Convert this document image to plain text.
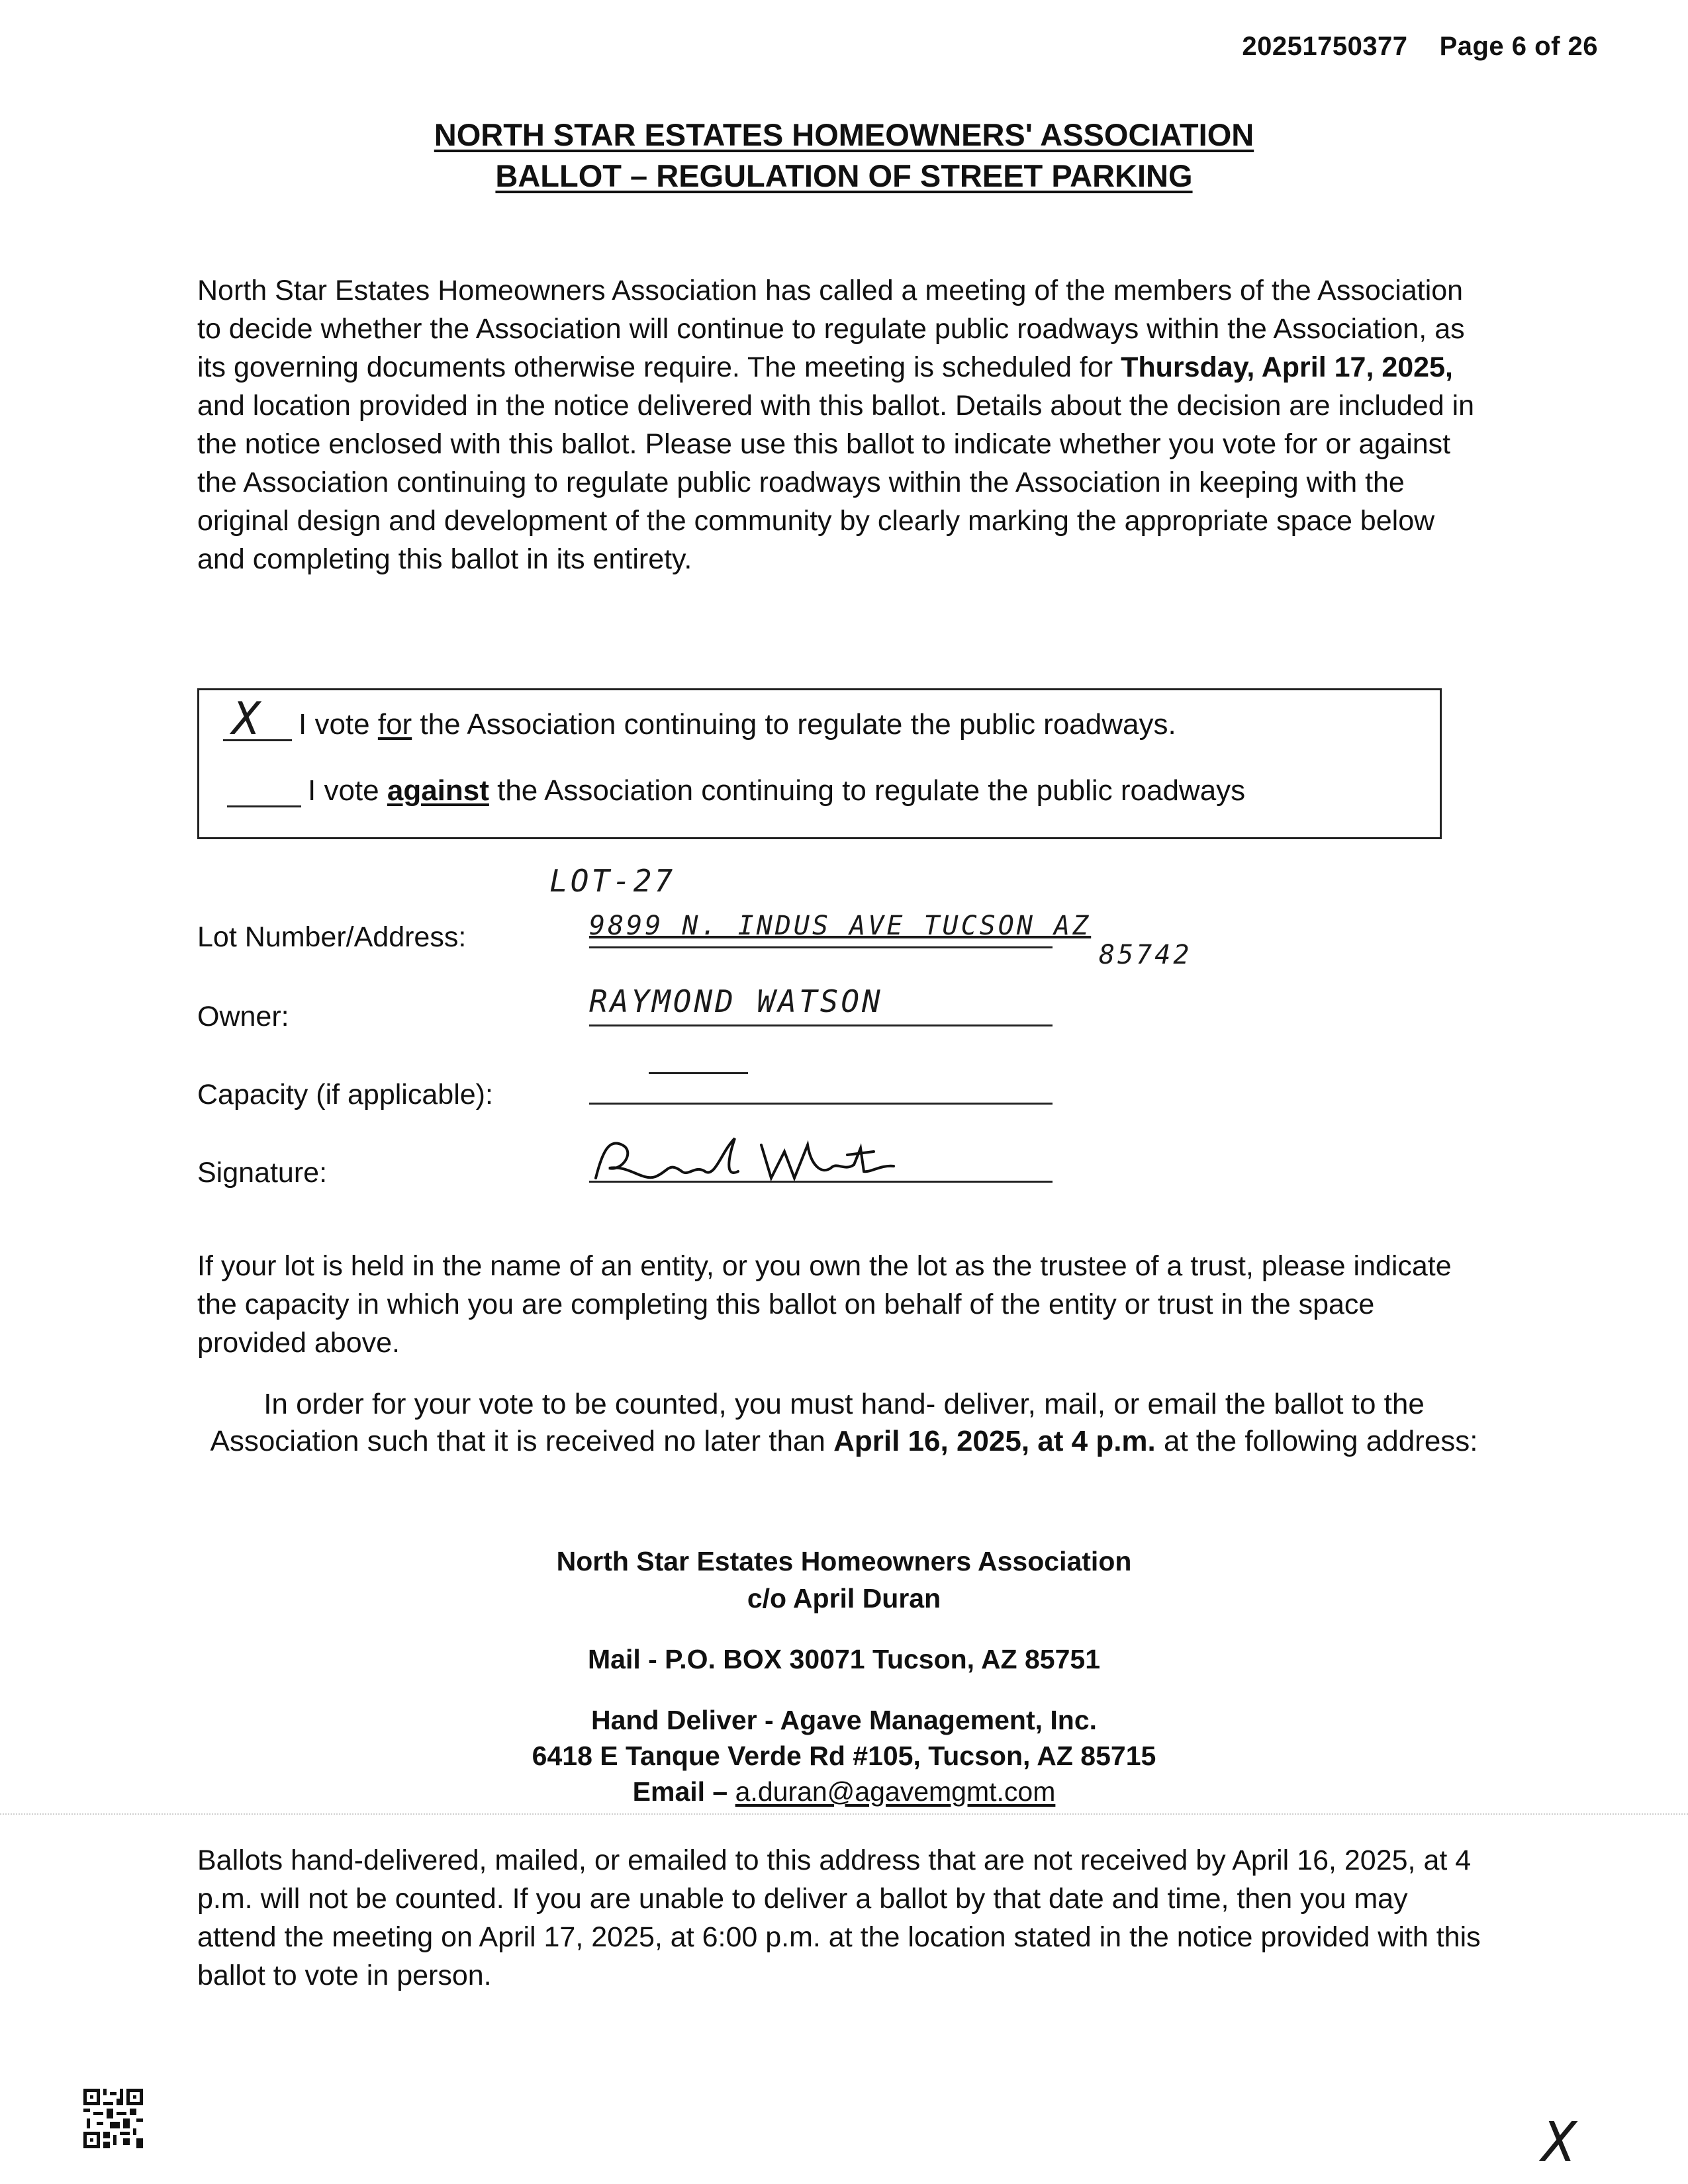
20251750377 Page 6 of 26
NORTH STAR ESTATES HOMEOWNERS' ASSOCIATION
BALLOT – REGULATION OF STREET PARKING

North Star Estates Homeowners Association has called a meeting of the members of the Association to decide whether the Association will continue to regulate public roadways within the Association, as its governing documents otherwise require. The meeting is scheduled for Thursday, April 17, 2025, and location provided in the notice delivered with this ballot. Details about the decision are included in the notice enclosed with this ballot. Please use this ballot to indicate whether you vote for or against the Association continuing to regulate public roadways within the Association in keeping with the original design and development of the community by clearly marking the appropriate space below and completing this ballot in its entirety.

X I vote for the Association continuing to regulate the public roadways.
I vote against the Association continuing to regulate the public roadways
LOT-27
Lot Number/Address:	9899 N. INDUS AVE TUCSON AZ
85742
Owner:	RAYMOND WATSON
Capacity (if applicable):
Signature:

If your lot is held in the name of an entity, or you own the lot as the trustee of a trust, please indicate the capacity in which you are completing this ballot on behalf of the entity or trust in the space provided above.

In order for your vote to be counted, you must hand- deliver, mail, or email the ballot to the Association such that it is received no later than April 16, 2025, at 4 p.m. at the following address:

North Star Estates Homeowners Association
c/o April Duran
Mail - P.O. BOX 30071 Tucson, AZ 85751
Hand Deliver - Agave Management, Inc.
6418 E Tanque Verde Rd #105, Tucson, AZ 85715
Email – a.duran@agavemgmt.com

Ballots hand-delivered, mailed, or emailed to this address that are not received by April 16, 2025, at 4 p.m. will not be counted. If you are unable to deliver a ballot by that date and time, then you may attend the meeting on April 17, 2025, at 6:00 p.m. at the location stated in the notice provided with this ballot to vote in person.

X
